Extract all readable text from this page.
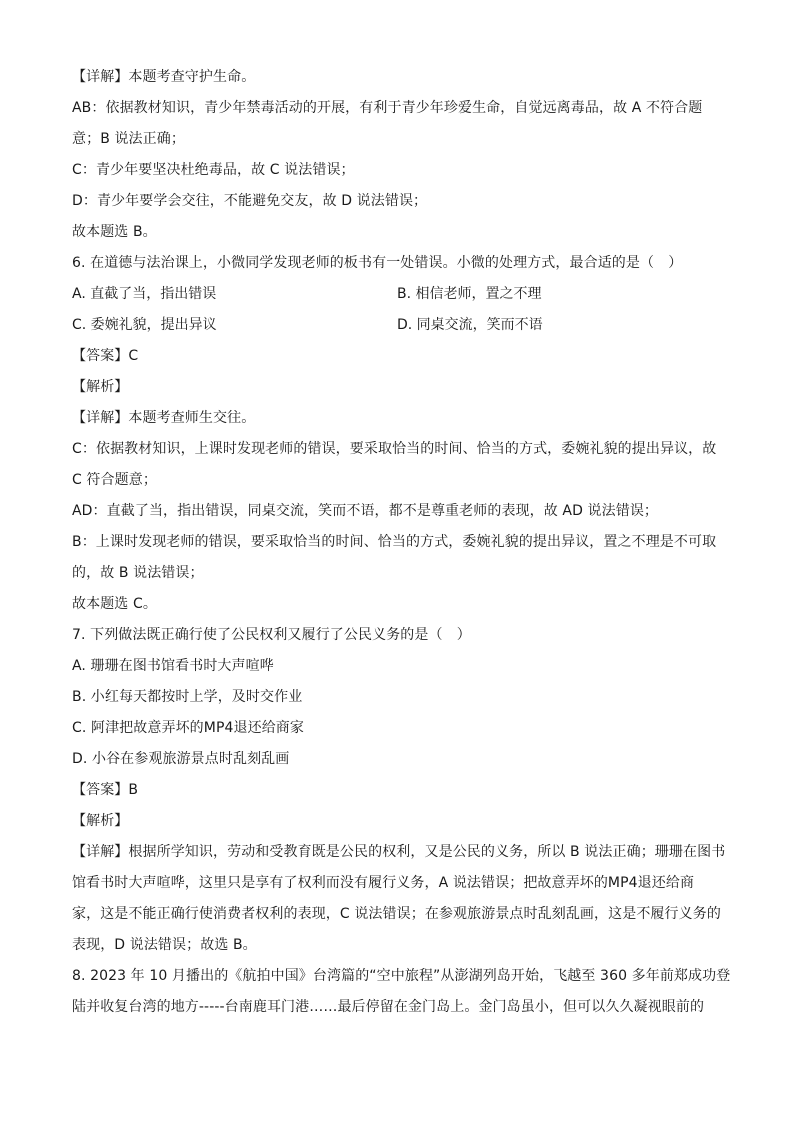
【详解】本题考查守护生命。
AB：依据教材知识，青少年禁毒活动的开展，有利于青少年珍爱生命，自觉远离毒品，故 A 不符合题
意；B 说法正确；
C：青少年要坚决杜绝毒品，故 C 说法错误；
D：青少年要学会交往，不能避免交友，故 D 说法错误；
故本题选 B。
6. 在道德与法治课上，小微同学发现老师的板书有一处错误。小微的处理方式，最合适的是（　）
A. 直截了当，指出错误	B. 相信老师，置之不理
C. 委婉礼貌，提出异议	D. 同桌交流，笑而不语
【答案】C
【解析】
【详解】本题考查师生交往。
C：依据教材知识，上课时发现老师的错误，要采取恰当的时间、恰当的方式，委婉礼貌的提出异议，故
C 符合题意；
AD：直截了当，指出错误，同桌交流，笑而不语，都不是尊重老师的表现，故 AD 说法错误；
B：上课时发现老师的错误，要采取恰当的时间、恰当的方式，委婉礼貌的提出异议，置之不理是不可取
的，故 B 说法错误；
故本题选 C。
7. 下列做法既正确行使了公民权利又履行了公民义务的是（　）
A. 珊珊在图书馆看书时大声喧哗
B. 小红每天都按时上学，及时交作业
C. 阿津把故意弄坏的MP4退还给商家
D. 小谷在参观旅游景点时乱刻乱画
【答案】B
【解析】
【详解】根据所学知识，劳动和受教育既是公民的权利，又是公民的义务，所以 B 说法正确；珊珊在图书
馆看书时大声喧哗，这里只是享有了权利而没有履行义务，A 说法错误；把故意弄坏的MP4退还给商
家，这是不能正确行使消费者权利的表现，C 说法错误；在参观旅游景点时乱刻乱画，这是不履行义务的
表现，D 说法错误；故选 B。
8. 2023 年 10 月播出的《航拍中国》台湾篇的“空中旅程”从澎湖列岛开始，飞越至 360 多年前郑成功登
陆并收复台湾的地方-----台南鹿耳门港……最后停留在金门岛上。金门岛虽小，但可以久久凝视眼前的
